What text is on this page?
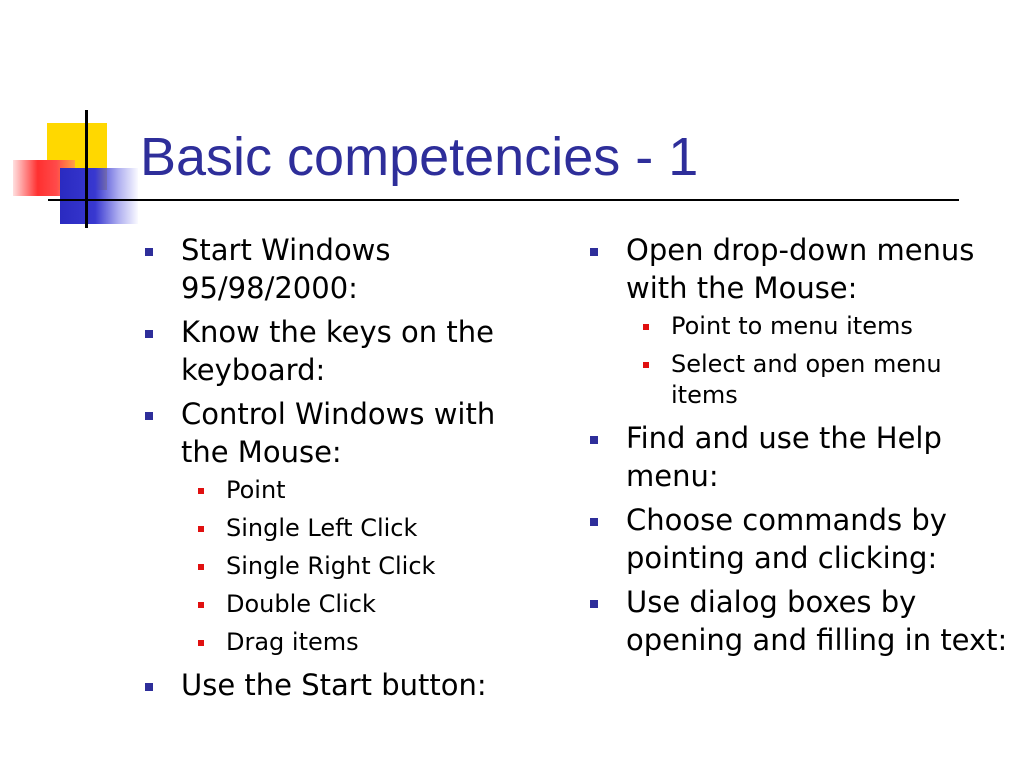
Basic competencies - 1
Start Windows 95/98/2000:
Know the keys on the keyboard:
Control Windows with the Mouse:
Point
Single Left Click
Single Right Click
Double Click
Drag items
Use the Start button:
Open drop-down menus with the Mouse:
Point to menu items
Select and open menu items
Find and use the Help menu:
Choose commands by pointing and clicking:
Use dialog boxes by opening and filling in text:
